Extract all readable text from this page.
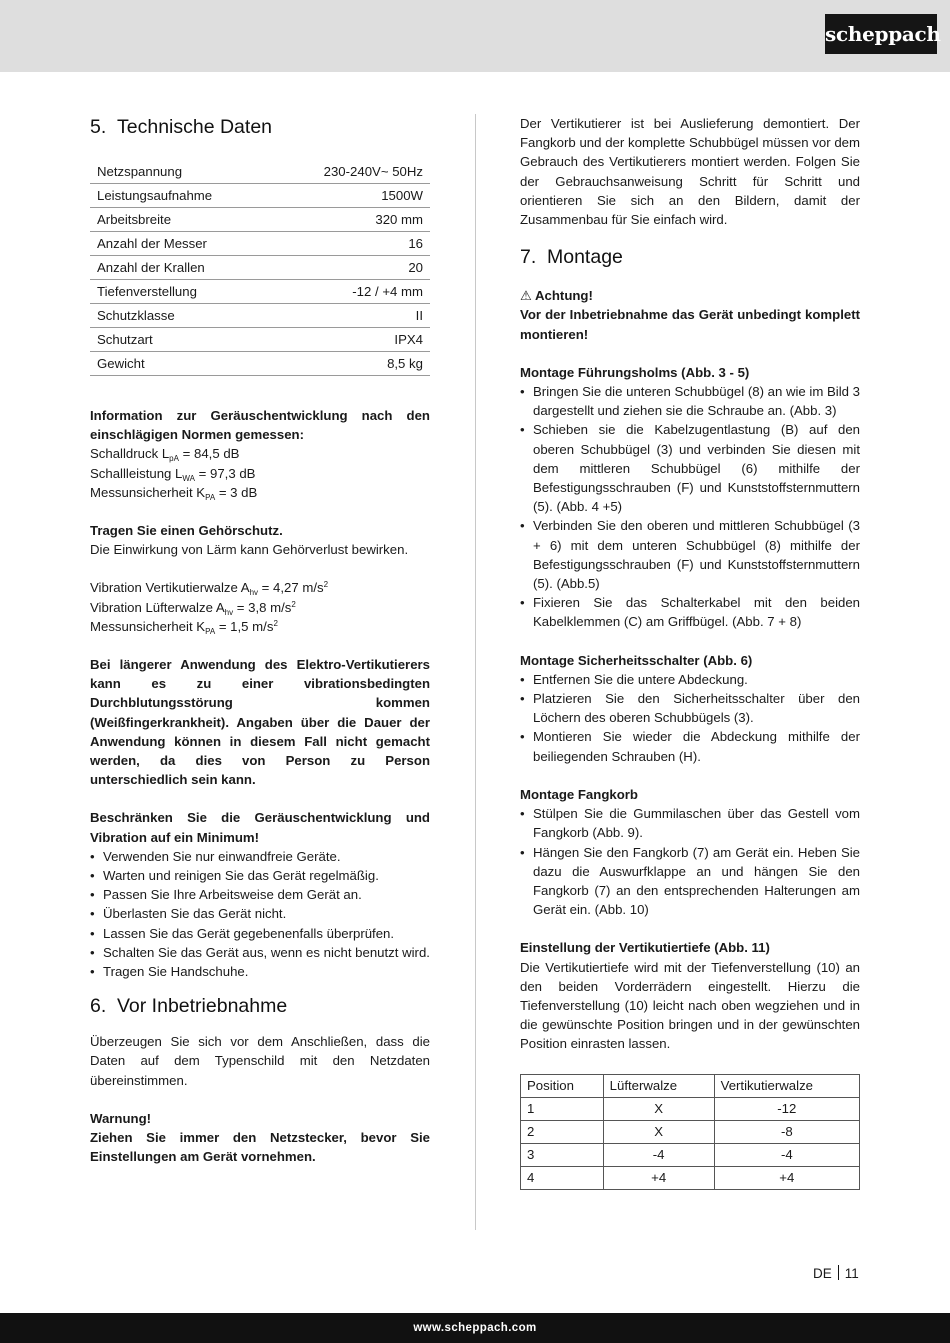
scheppach
5. Technische Daten
Netzspannung	230-240V~ 50Hz
Leistungsaufnahme	1500W
Arbeitsbreite	320 mm
Anzahl der Messer	16
Anzahl der Krallen	20
Tiefenverstellung	-12 / +4 mm
Schutzklasse	II
Schutzart	IPX4
Gewicht	8,5 kg

Information zur Geräuschentwicklung nach den einschlägigen Normen gemessen:

Schalldruck $L_{pA} = 84,5$ dB

Schallleistung $L_{WA} = 97,3$ dB

Messunsicherheit $K_{PA} = 3$ dB

Tragen Sie einen Gehörschutz.

Die Einwirkung von Lärm kann Gehörverlust bewirken.

Vibration Vertikutierwalze $A_{hv} = 4,27$ $m/s^2$

Vibration Lüfterwalze $A_{hv} = 3,8$ $m/s^2$

Messunsicherheit $K_{PA} = 1,5$ $m/s^2$

Bei längerer Anwendung des Elektro-Vertikutierers kann es zu einer vibrationsbedingten Durchblutungsstörung kommen (Weißfingerkrankheit). Angaben über die Dauer der Anwendung können in diesem Fall nicht gemacht werden, da dies von Person zu Person unterschiedlich sein kann.

Beschränken Sie die Geräuschentwicklung und Vibration auf ein Minimum!

• Verwenden Sie nur einwandfreie Geräte.
• Warten und reinigen Sie das Gerät regelmäßig.
• Passen Sie Ihre Arbeitsweise dem Gerät an.
• Überlasten Sie das Gerät nicht.
• Lassen Sie das Gerät gegebenenfalls überprüfen.
• Schalten Sie das Gerät aus, wenn es nicht benutzt wird.
• Tragen Sie Handschuhe.
6. Vor Inbetriebnahme

Überzeugen Sie sich vor dem Anschließen, dass die Daten auf dem Typenschild mit den Netzdaten übereinstimmen.

Warnung!

Ziehen Sie immer den Netzstecker, bevor Sie Einstellungen am Gerät vornehmen.

Der Vertikutierer ist bei Auslieferung demontiert. Der Fangkorb und der komplette Schubbügel müssen vor dem Gebrauch des Vertikutierers montiert werden. Folgen Sie der Gebrauchsanweisung Schritt für Schritt und orientieren Sie sich an den Bildern, damit der Zusammenbau für Sie einfach wird.

7. Montage

⚠ Achtung!

Vor der Inbetriebnahme das Gerät unbedingt komplett montieren!

Montage Führungsholms (Abb. 3 - 5)

• Bringen Sie die unteren Schubbügel (8) an wie im Bild 3 dargestellt und ziehen sie die Schraube an. (Abb. 3)
• Schieben sie die Kabelzugentlastung (B) auf den oberen Schubbügel (3) und verbinden Sie diesen mit dem mittleren Schubbügel (6) mithilfe der Befestigungsschrauben (F) und Kunststoffsternmuttern (5). (Abb. 4 +5)
• Verbinden Sie den oberen und mittleren Schubbügel (3 + 6) mit dem unteren Schubbügel (8) mithilfe der Befestigungsschrauben (F) und Kunststoffsternmuttern (5). (Abb.5)
• Fixieren Sie das Schalterkabel mit den beiden Kabelklemmen (C) am Griffbügel. (Abb. 7 + 8)

Montage Sicherheitsschalter (Abb. 6)

• Entfernen Sie die untere Abdeckung.
• Platzieren Sie den Sicherheitsschalter über den Löchern des oberen Schubbügels (3).
• Montieren Sie wieder die Abdeckung mithilfe der beiliegenden Schrauben (H).

Montage Fangkorb

• Stülpen Sie die Gummilaschen über das Gestell vom Fangkorb (Abb. 9).
• Hängen Sie den Fangkorb (7) am Gerät ein. Heben Sie dazu die Auswurfklappe an und hängen Sie den Fangkorb (7) an den entsprechenden Halterungen am Gerät ein. (Abb. 10)

Einstellung der Vertikutiertiefe (Abb. 11)

Die Vertikutiertiefe wird mit der Tiefenverstellung (10) an den beiden Vorderrädern eingestellt. Hierzu die Tiefenverstellung (10) leicht nach oben wegziehen und in die gewünschte Position bringen und in der gewünschten Position einrasten lassen.

Position	Lüfterwalze	Vertikutierwalze
1	X	-12
2	X	-8
3	-4	-4
4	+4	+4
DE 11
www.scheppach.com
